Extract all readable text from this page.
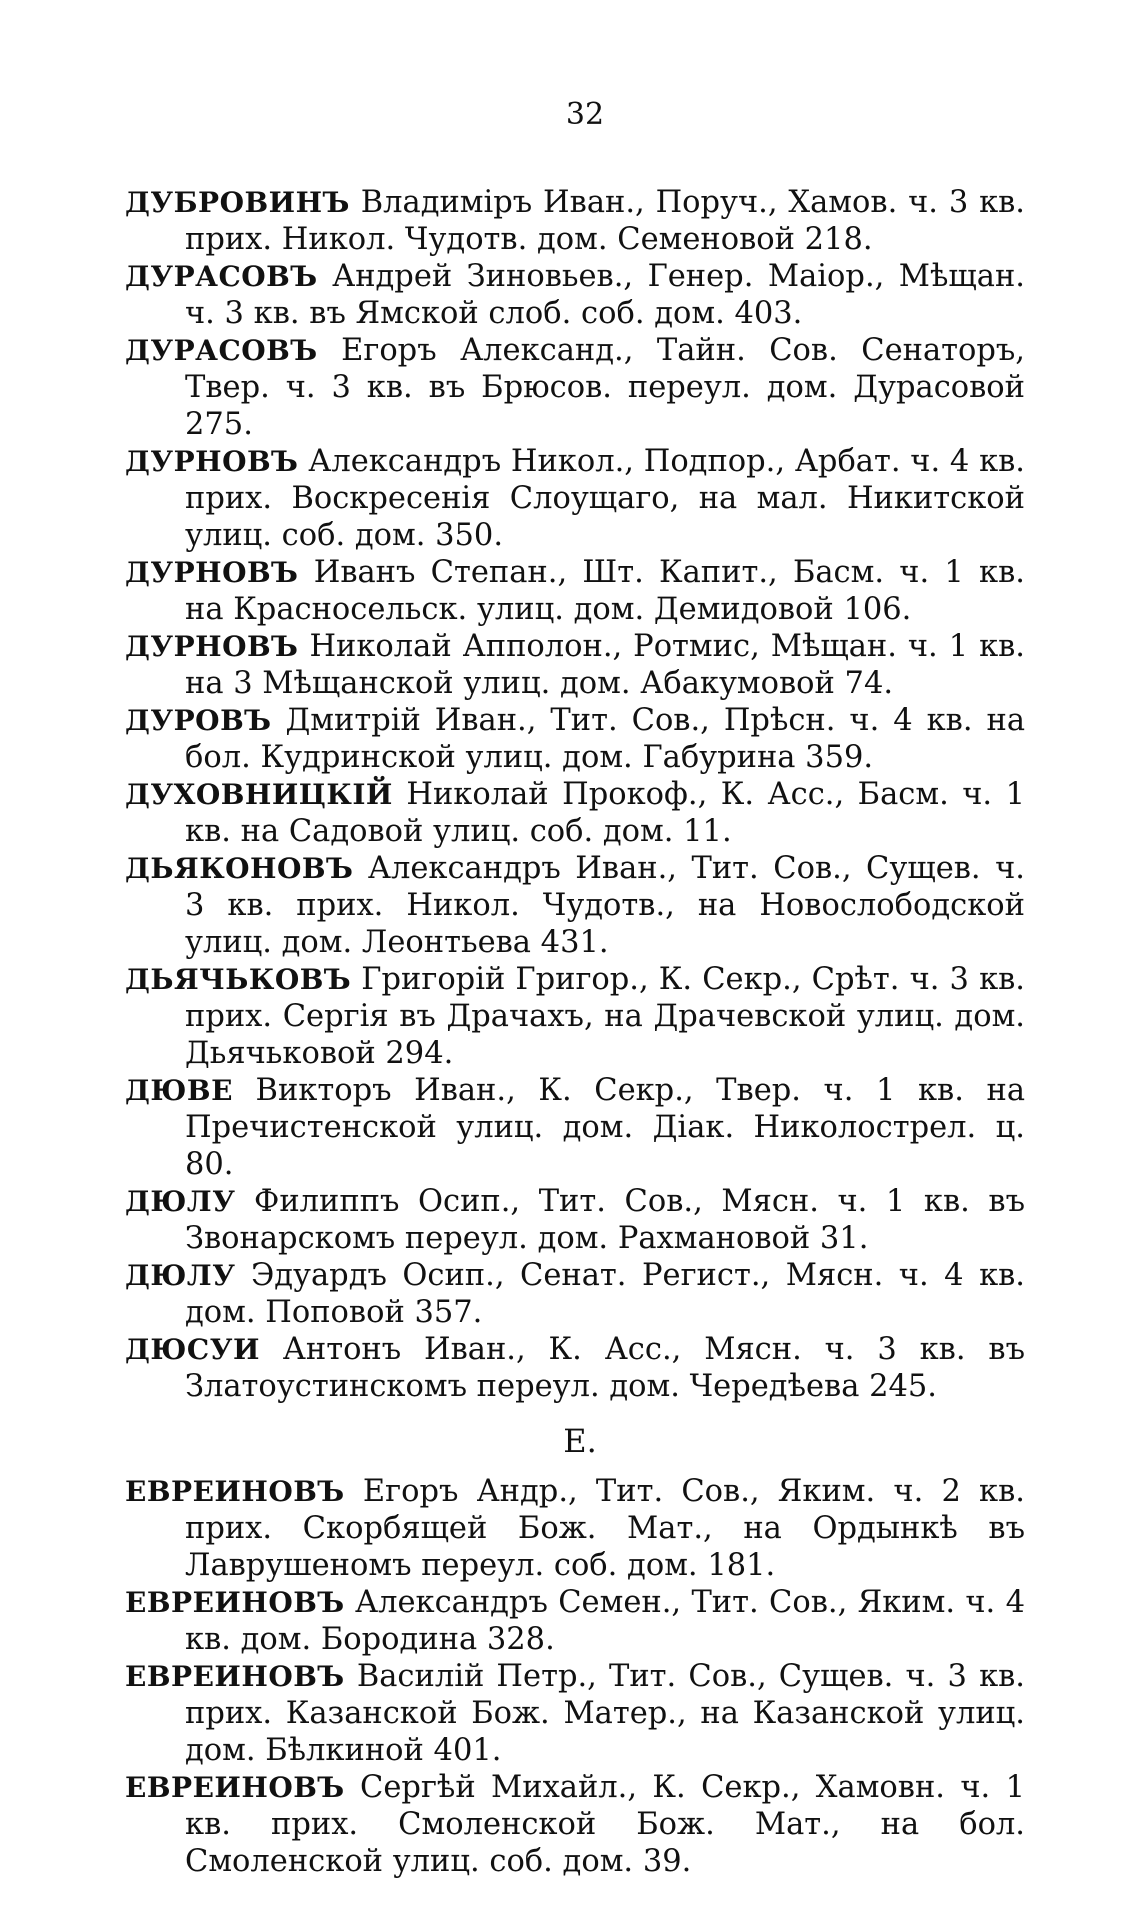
32
ДУБРОВИНЪ Владиміръ Иван., Поруч., Хамов. ч. 3 кв. прих. Никол. Чудотв. дом. Семеновой 218.
ДУРАСОВЪ Андрей Зиновьев., Генер. Маіор., Мѣщан. ч. 3 кв. въ Ямской слоб. соб. дом. 403.
ДУРАСОВЪ Егоръ Александ., Тайн. Сов. Сенаторъ, Твер. ч. 3 кв. въ Брюсов. переул. дом. Дурасовой 275.
ДУРНОВЪ Александръ Никол., Подпор., Арбат. ч. 4 кв. прих. Воскресенія Слоущаго, на мал. Никитской улиц. соб. дом. 350.
ДУРНОВЪ Иванъ Степан., Шт. Капит., Басм. ч. 1 кв. на Красносельск. улиц. дом. Демидовой 106.
ДУРНОВЪ Николай Апполон., Ротмис, Мѣщан. ч. 1 кв. на 3 Мѣщанской улиц. дом. Абакумовой 74.
ДУРОВЪ Дмитрій Иван., Тит. Сов., Прѣсн. ч. 4 кв. на бол. Кудринской улиц. дом. Габурина 359.
ДУХОВНИЦКІЙ Николай Прокоф., К. Асс., Басм. ч. 1 кв. на Садовой улиц. соб. дом. 11.
ДЬЯКОНОВЪ Александръ Иван., Тит. Сов., Сущев. ч. 3 кв. прих. Никол. Чудотв., на Новослободской улиц. дом. Леонтьева 431.
ДЬЯЧЬКОВЪ Григорій Григор., К. Секр., Срѣт. ч. 3 кв. прих. Сергія въ Драчахъ, на Драчевской улиц. дом. Дьячьковой 294.
ДЮВЕ Викторъ Иван., К. Секр., Твер. ч. 1 кв. на Пречистенской улиц. дом. Діак. Николострел. ц. 80.
ДЮЛУ Филиппъ Осип., Тит. Сов., Мясн. ч. 1 кв. въ Звонарскомъ переул. дом. Рахмановой 31.
ДЮЛУ Эдуардъ Осип., Сенат. Регист., Мясн. ч. 4 кв. дом. Поповой 357.
ДЮСУИ Антонъ Иван., К. Асс., Мясн. ч. 3 кв. въ Златоустинскомъ переул. дом. Чередѣева 245.
Е.
ЕВРЕИНОВЪ Егоръ Андр., Тит. Сов., Яким. ч. 2 кв. прих. Скорбящей Бож. Мат., на Ордынкѣ въ Лаврушеномъ переул. соб. дом. 181.
ЕВРЕИНОВЪ Александръ Семен., Тит. Сов., Яким. ч. 4 кв. дом. Бородина 328.
ЕВРЕИНОВЪ Василій Петр., Тит. Сов., Сущев. ч. 3 кв. прих. Казанской Бож. Матер., на Казанской улиц. дом. Бѣлкиной 401.
ЕВРЕИНОВЪ Сергѣй Михайл., К. Секр., Хамовн. ч. 1 кв. прих. Смоленской Бож. Мат., на бол. Смоленской улиц. соб. дом. 39.
